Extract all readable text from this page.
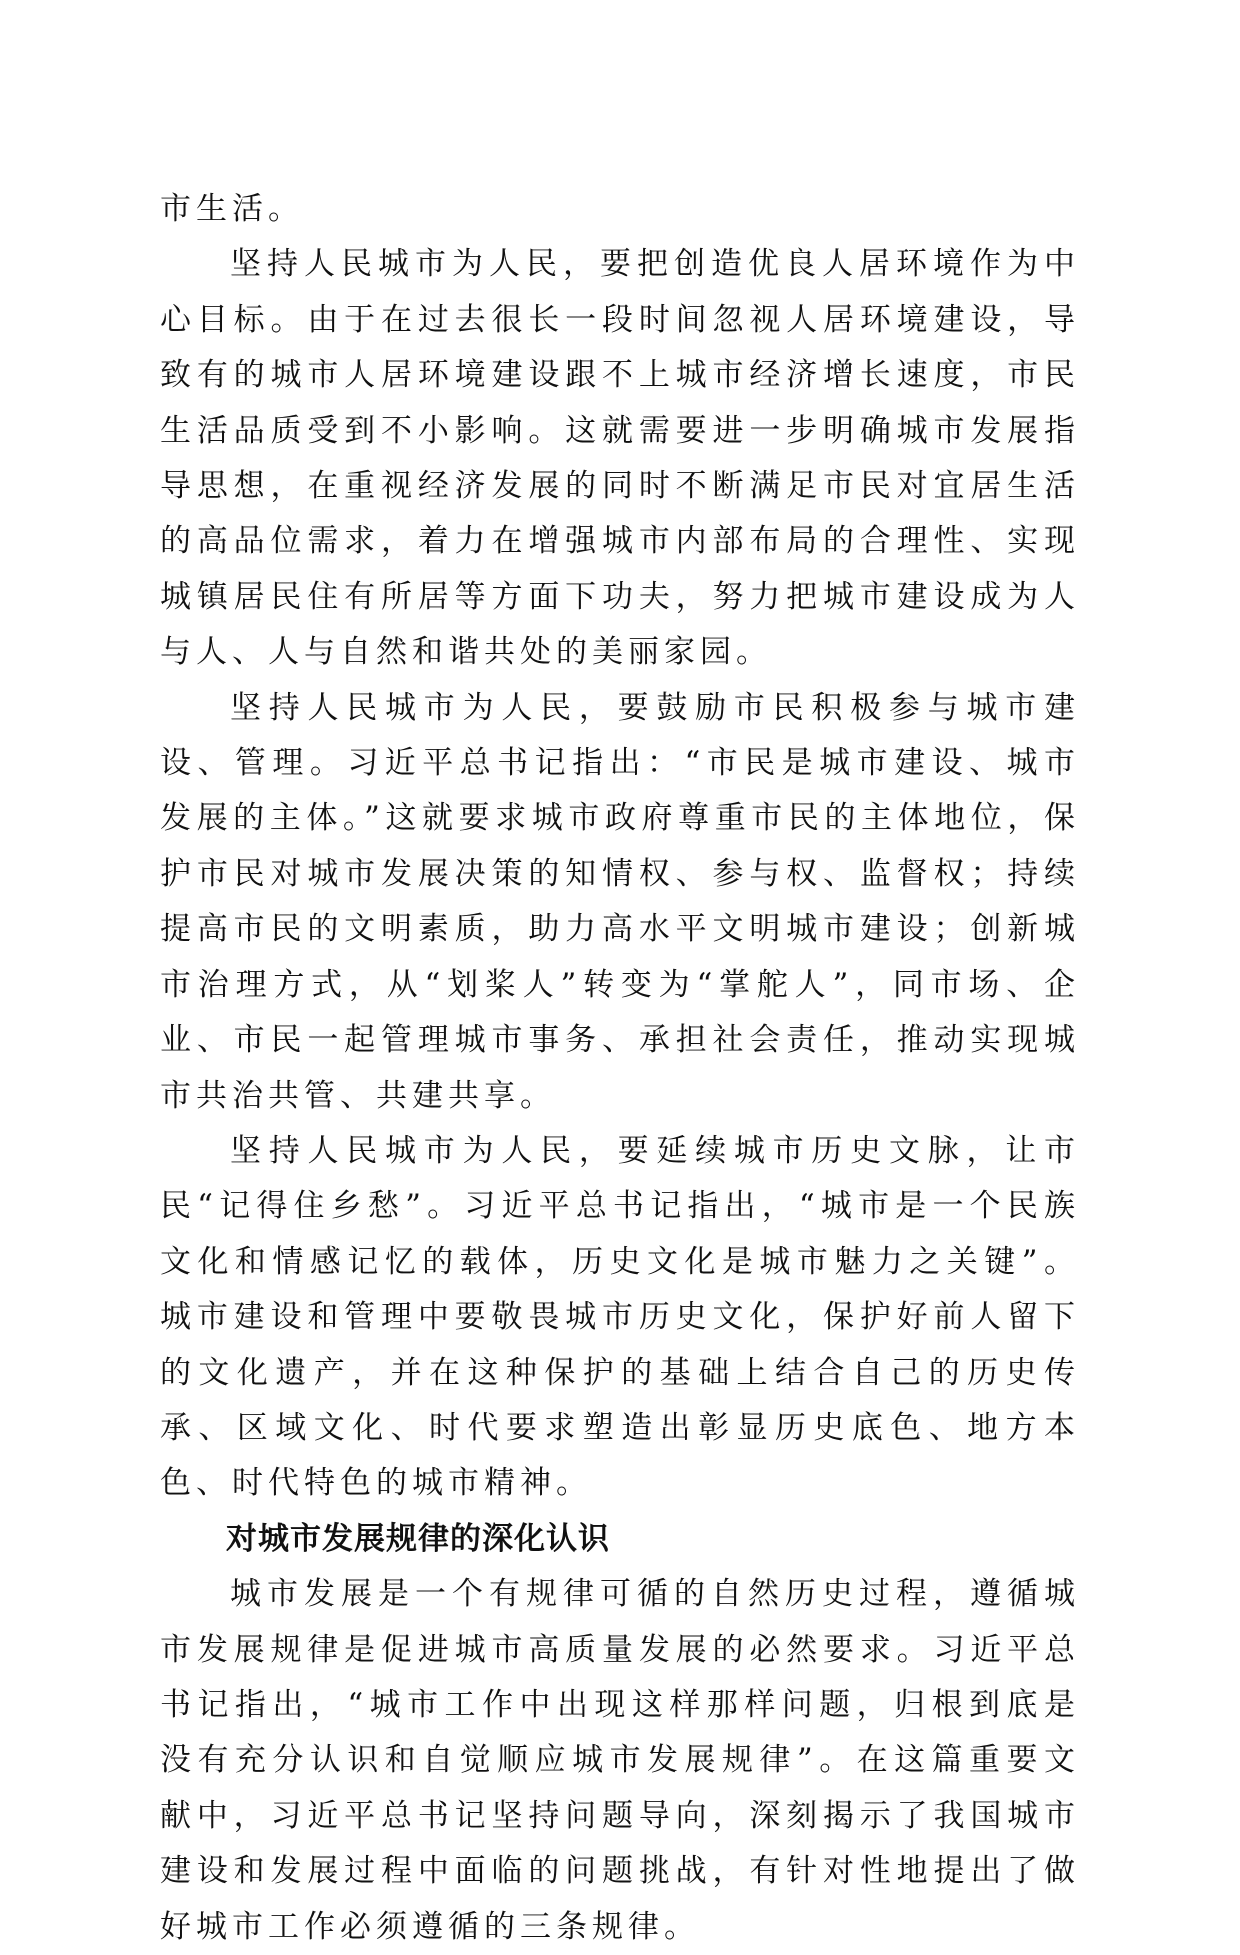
市生活。

坚持人民城市为人民，要把创造优良人居环境作为中心目标。由于在过去很长一段时间忽视人居环境建设，导致有的城市人居环境建设跟不上城市经济增长速度，市民生活品质受到不小影响。这就需要进一步明确城市发展指导思想，在重视经济发展的同时不断满足市民对宜居生活的高品位需求，着力在增强城市内部布局的合理性、实现城镇居民住有所居等方面下功夫，努力把城市建设成为人与人、人与自然和谐共处的美丽家园。

坚持人民城市为人民，要鼓励市民积极参与城市建设、管理。习近平总书记指出：“市民是城市建设、城市发展的主体。”这就要求城市政府尊重市民的主体地位，保护市民对城市发展决策的知情权、参与权、监督权；持续提高市民的文明素质，助力高水平文明城市建设；创新城市治理方式，从“划桨人”转变为“掌舵人”，同市场、企业、市民一起管理城市事务、承担社会责任，推动实现城市共治共管、共建共享。

坚持人民城市为人民，要延续城市历史文脉，让市民“记得住乡愁”。习近平总书记指出，“城市是一个民族文化和情感记忆的载体，历史文化是城市魅力之关键”。城市建设和管理中要敬畏城市历史文化，保护好前人留下的文化遗产，并在这种保护的基础上结合自己的历史传承、区域文化、时代要求塑造出彰显历史底色、地方本色、时代特色的城市精神。

对城市发展规律的深化认识

城市发展是一个有规律可循的自然历史过程，遵循城市发展规律是促进城市高质量发展的必然要求。习近平总书记指出，“城市工作中出现这样那样问题，归根到底是没有充分认识和自觉顺应城市发展规律”。在这篇重要文献中，习近平总书记坚持问题导向，深刻揭示了我国城市建设和发展过程中面临的问题挑战，有针对性地提出了做好城市工作必须遵循的三条规律。
